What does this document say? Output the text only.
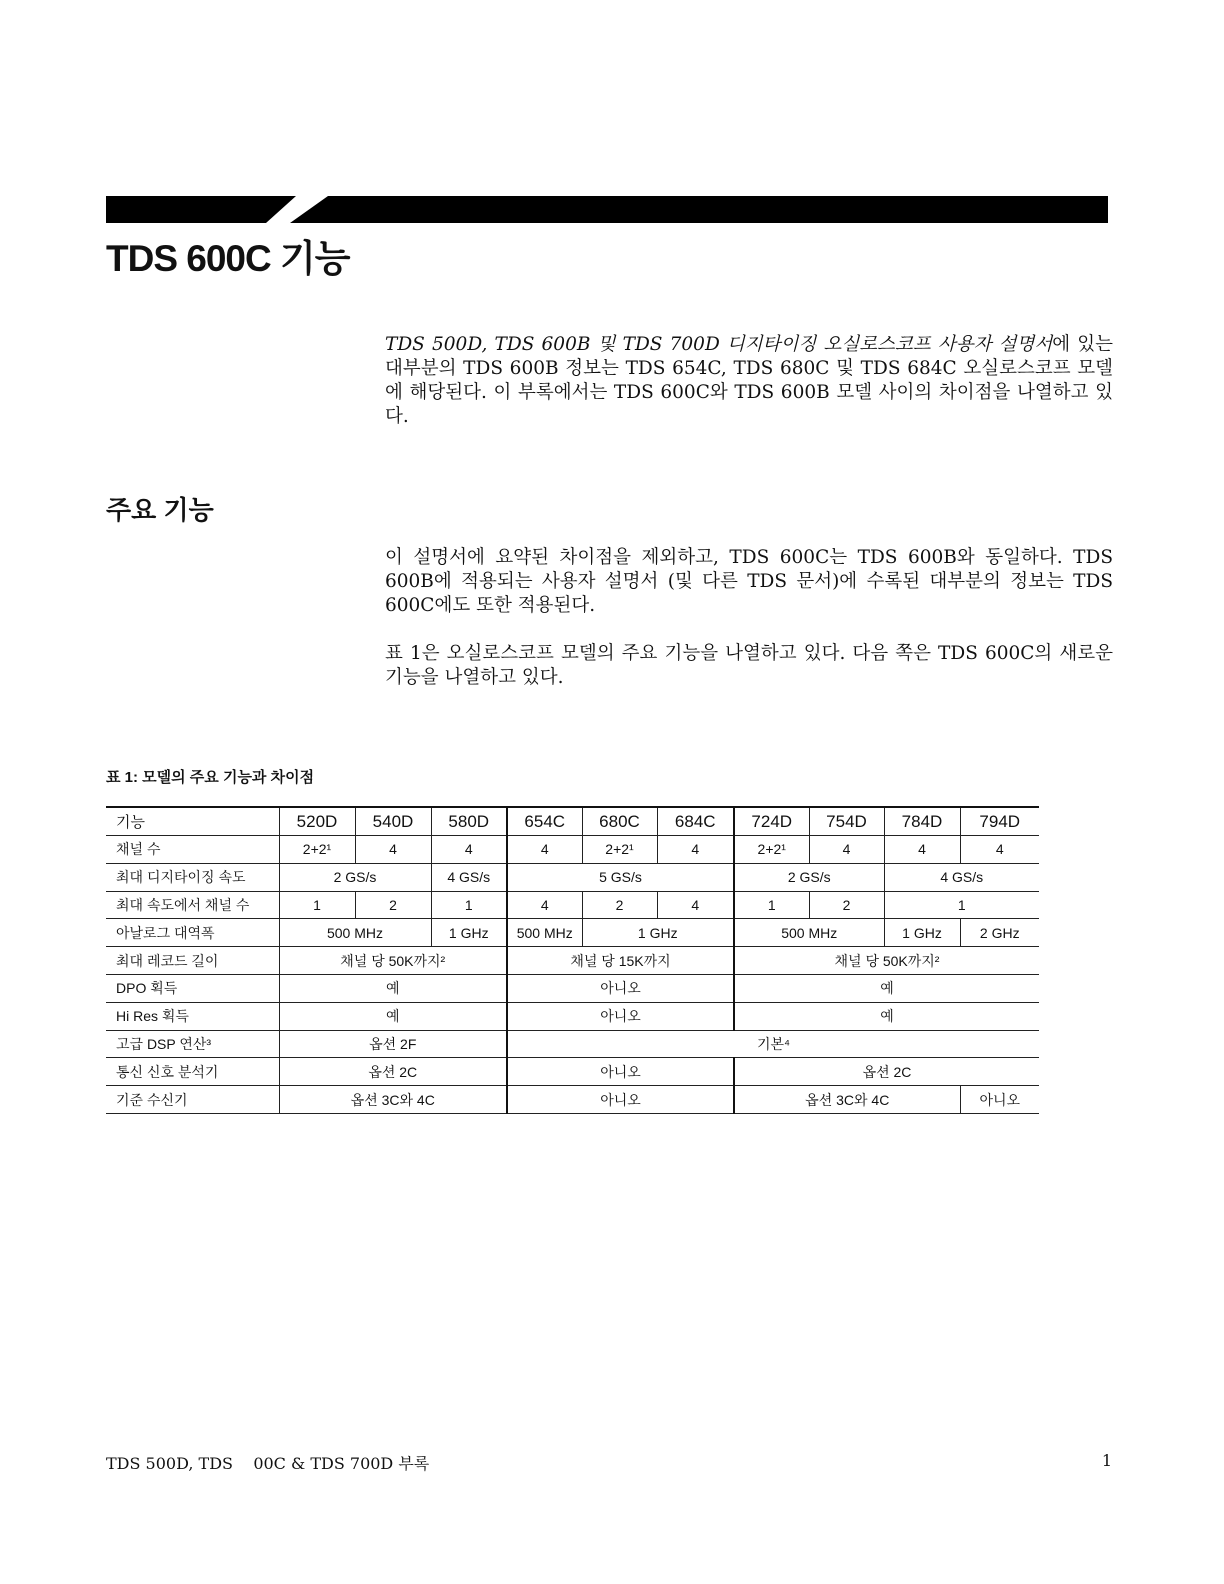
TDS 600C 기능

TDS 500D, TDS 600B 및 TDS 700D 디지타이징 오실로스코프 사용자 설명서에 있는 대부분의 TDS 600B 정보는 TDS 654C, TDS 680C 및 TDS 684C 오실로스코프 모델에 해당된다. 이 부록에서는 TDS 600C와 TDS 600B 모델 사이의 차이점을 나열하고 있다.

주요 기능

이 설명서에 요약된 차이점을 제외하고, TDS 600C는 TDS 600B와 동일하다. TDS 600B에 적용되는 사용자 설명서 (및 다른 TDS 문서)에 수록된 대부분의 정보는 TDS 600C에도 또한 적용된다.

표 1은 오실로스코프 모델의 주요 기능을 나열하고 있다. 다음 쪽은 TDS 600C의 새로운 기능을 나열하고 있다.

표 1: 모델의 주요 기능과 차이점

기능	520D	540D	580D	654C	680C	684C	724D	754D	784D	794D
채널 수	2+2¹	4	4	4	2+2¹	4	2+2¹	4	4	4
최대 디지타이징 속도	2 GS/s		4 GS/s	5 GS/s			2 GS/s		4 GS/s	
최대 속도에서 채널 수	1	2	1	4	2	4	1	2	1	
아날로그 대역폭	500 MHz		1 GHz	500 MHz	1 GHz		500 MHz		1 GHz	2 GHz
최대 레코드 길이	채널 당 50K까지²			채널 당 15K까지			채널 당 50K까지²			
DPO 획득	예			아니오			예			
Hi Res 획득	예			아니오			예			
고급 DSP 연산³	옵션 2F			기본⁴						
통신 신호 분석기	옵션 2C			아니오			옵션 2C			
기준 수신기	옵션 3C와 4C			아니오			옵션 3C와 4C			아니오

TDS 500D, TDS    00C & TDS 700D 부록	1
